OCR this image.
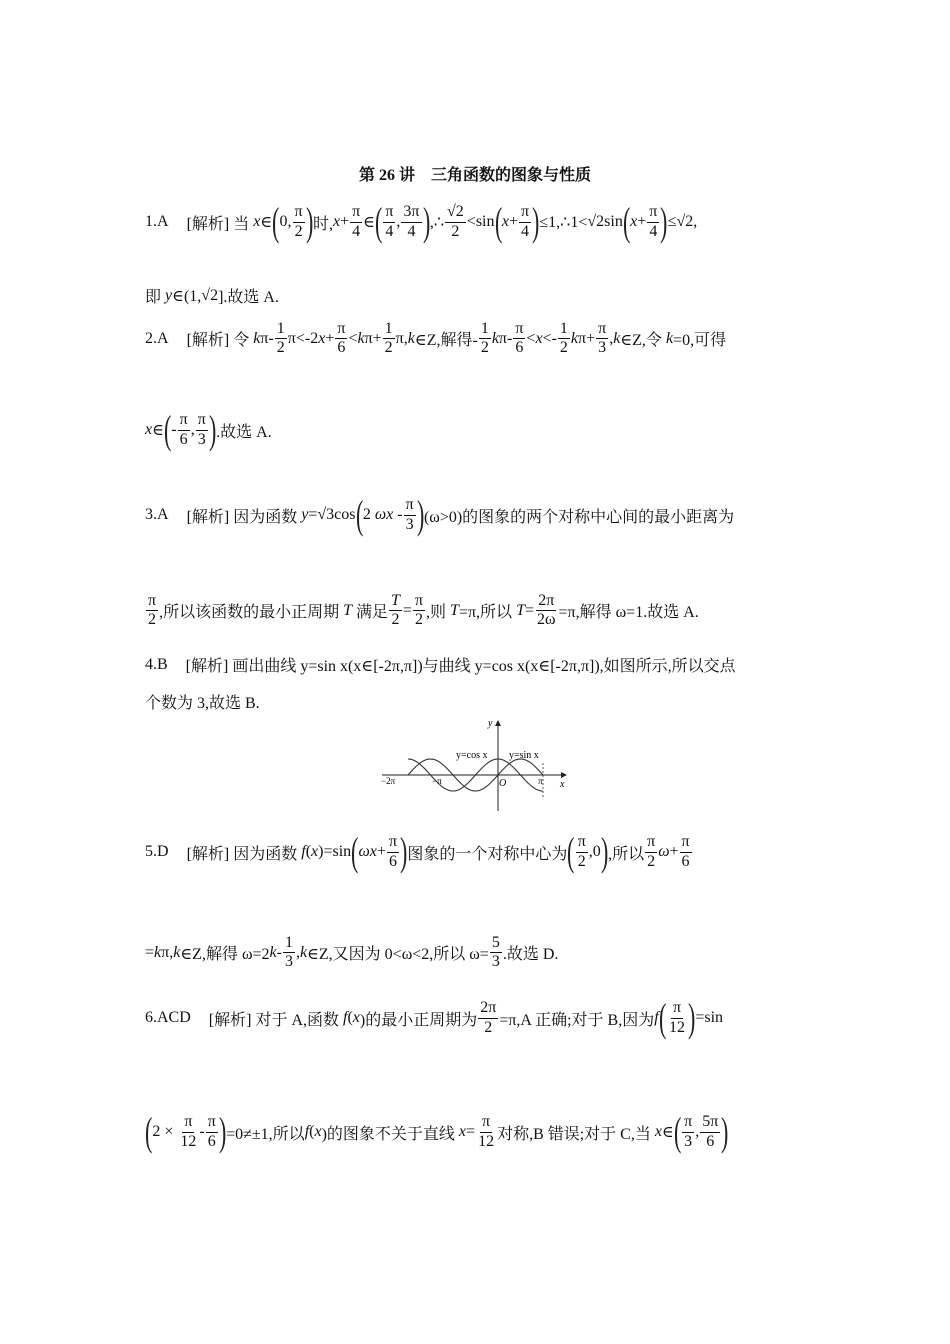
第 26 讲　三角函数的图象与性质
1.A [解析]
当
x ∈ ( 0 , $\frac{\pi}{2}$ ) 时, $x + \frac{\pi}{4}$ ∈ ( $\frac{\pi}{4}$ , $\frac{3\pi}{4}$ ) ,∴ $\frac{√2}{2} <\sin$ ( $x + \frac{\pi}{4}$ ) ≤1,∴1< √2 sin ( $x + \frac{\pi}{4}$ ) ≤ √2 ,
即
y ∈(1, √2 ].故选 A.
2.A [解析]
令
k $\pi- \frac{1}{2} \pi<-2$ $x + \frac{\pi}{6} < k$ $\pi+ \frac{1}{2} \pi$, k ∈Z,解得- $\frac{1}{2}$ k $\pi- \frac{\pi}{6} < x <- \frac{1}{2}$ k $\pi+ \frac{\pi}{3}$ , k ∈Z,令
k =0,可得
x ∈ ( - $\frac{\pi}{6}$ , $\frac{\pi}{3}$ ) .故选 A.
3.A [解析]
因为函数
y = √3 cos ( 2
ω x
- $\frac{\pi}{3}$ ) (ω>0)的图象的两个对称中心间的最小距离为
$\frac{\pi}{2}$ ,所以该函数的最小正周期
T
满足 $\frac{T}{2} = \frac{\pi}{2}$ ,则
T =π,所以
$T = \frac{2\pi}{2\omega} =\pi$,解得 ω=1.故选 A.
4.B [解析]
画出曲线 y=sin x(x∈[-2π,π])与曲线 y=cos x(x∈[-2π,π]),如图所示,所以交点
个数为 3,故选 B.
y
x
y=cos x y=sin x
−2π	−π	O	π
5.D [解析]
因为函数
f ( x )=sin ( ω $x + \frac{\pi}{6}$ ) 图象的一个对称中心为 ( $\frac{\pi}{2}$ , 0 ) ,所以 $\frac{\pi}{2}$ $\omega + \frac{\pi}{6}$
= k π, k ∈Z,解得 ω=2 k - $\frac{1}{3}$ , k ∈Z,又因为 0<ω<2,所以 $\omega= \frac{5}{3}$ .故选 D.
6.ACD [解析]
对于 A,函数
f ( x )的最小正周期为 $\frac{2\pi}{2} =\pi,A$ 正确;对于 B,因为 f ( $\frac{\pi}{12}$ ) =sin
( 2
×
$\frac{\pi}{12} - \frac{\pi}{6}$ ) =0≠±1,所以 f ( x )的图象不关于直线
$x = \frac{\pi}{12}$ 对称,B 错误;对于 C,当
x ∈ ( $\frac{\pi}{3}$ , $\frac{5\pi}{6}$ )
